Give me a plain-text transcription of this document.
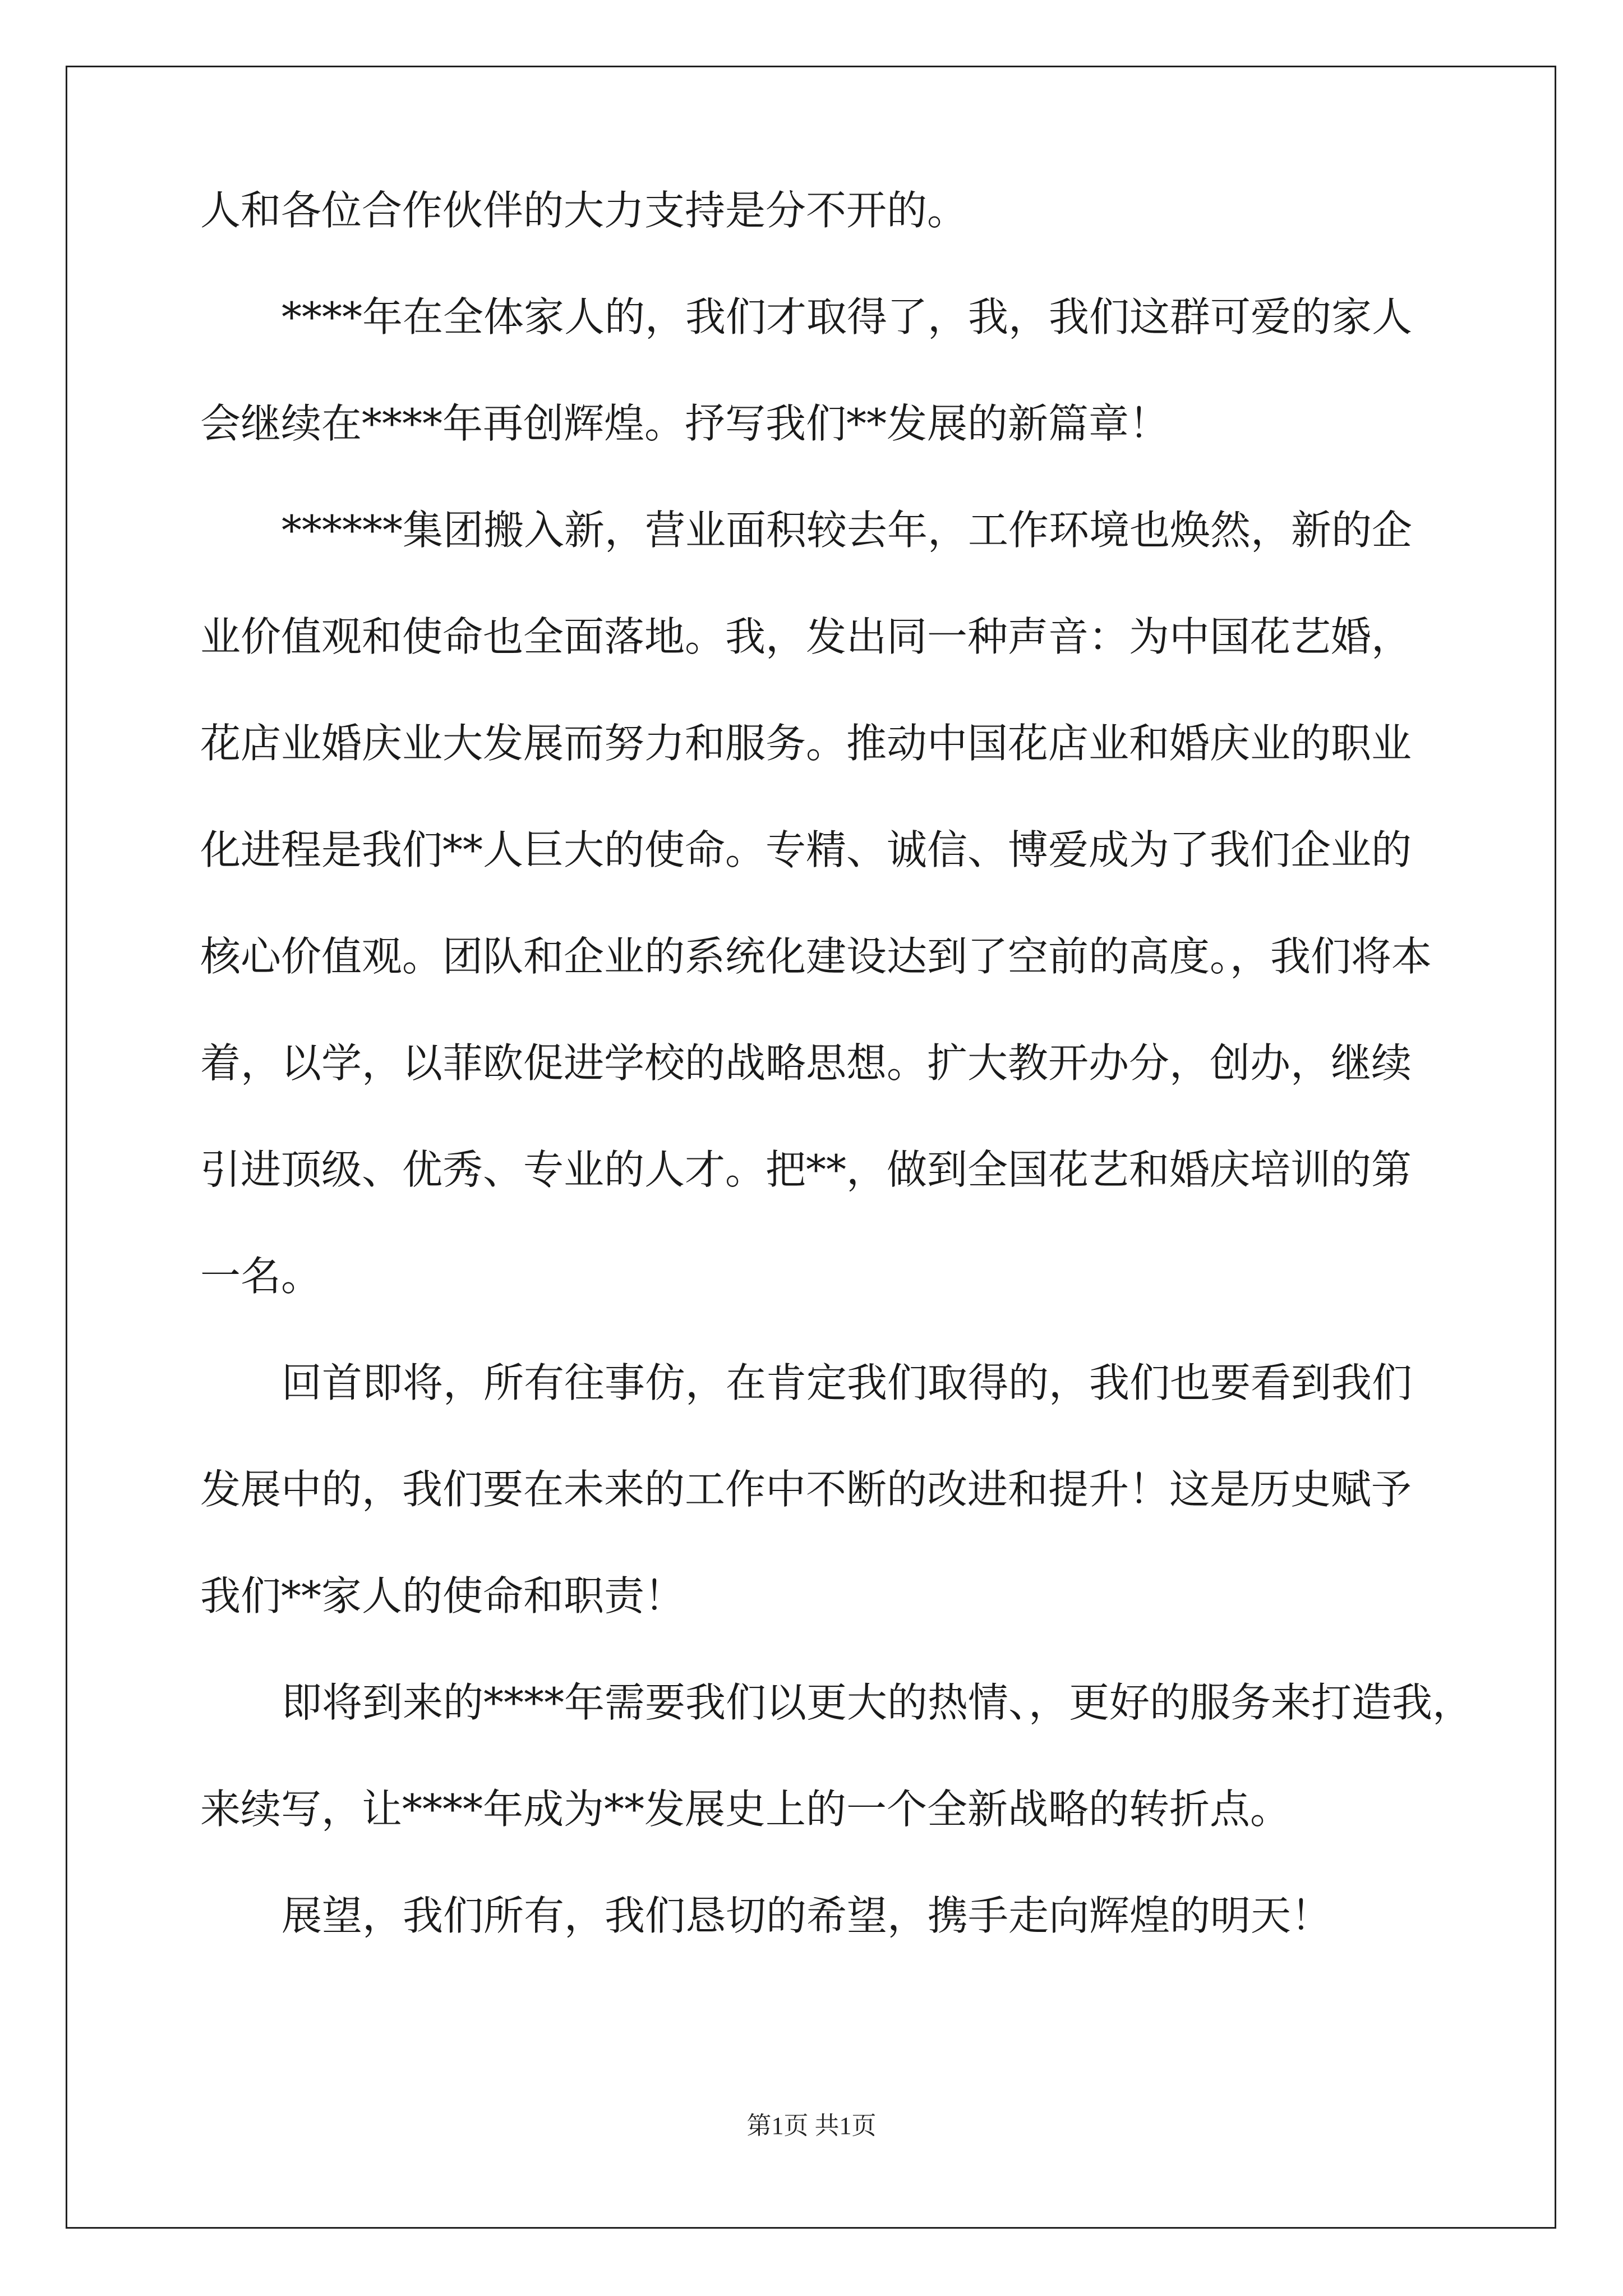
人和各位合作伙伴的大力支持是分不开的。
****年在全体家人的，我们才取得了，我，我们这群可爱的家人
会继续在****年再创辉煌。抒写我们**发展的新篇章！
******集团搬入新，营业面积较去年，工作环境也焕然，新的企
业价值观和使命也全面落地。我，发出同一种声音：为中国花艺婚，
花店业婚庆业大发展而努力和服务。推动中国花店业和婚庆业的职业
化进程是我们**人巨大的使命。专精、诚信、博爱成为了我们企业的
核心价值观。团队和企业的系统化建设达到了空前的高度。，我们将本
着，以学，以菲欧促进学校的战略思想。扩大教开办分，创办，继续
引进顶级、优秀、专业的人才。把**，做到全国花艺和婚庆培训的第
一名。
回首即将，所有往事仿，在肯定我们取得的，我们也要看到我们
发展中的，我们要在未来的工作中不断的改进和提升！这是历史赋予
我们**家人的使命和职责！
即将到来的****年需要我们以更大的热情、，更好的服务来打造我，
来续写，让****年成为**发展史上的一个全新战略的转折点。
展望，我们所有，我们恳切的希望，携手走向辉煌的明天！
第1页 共1页
